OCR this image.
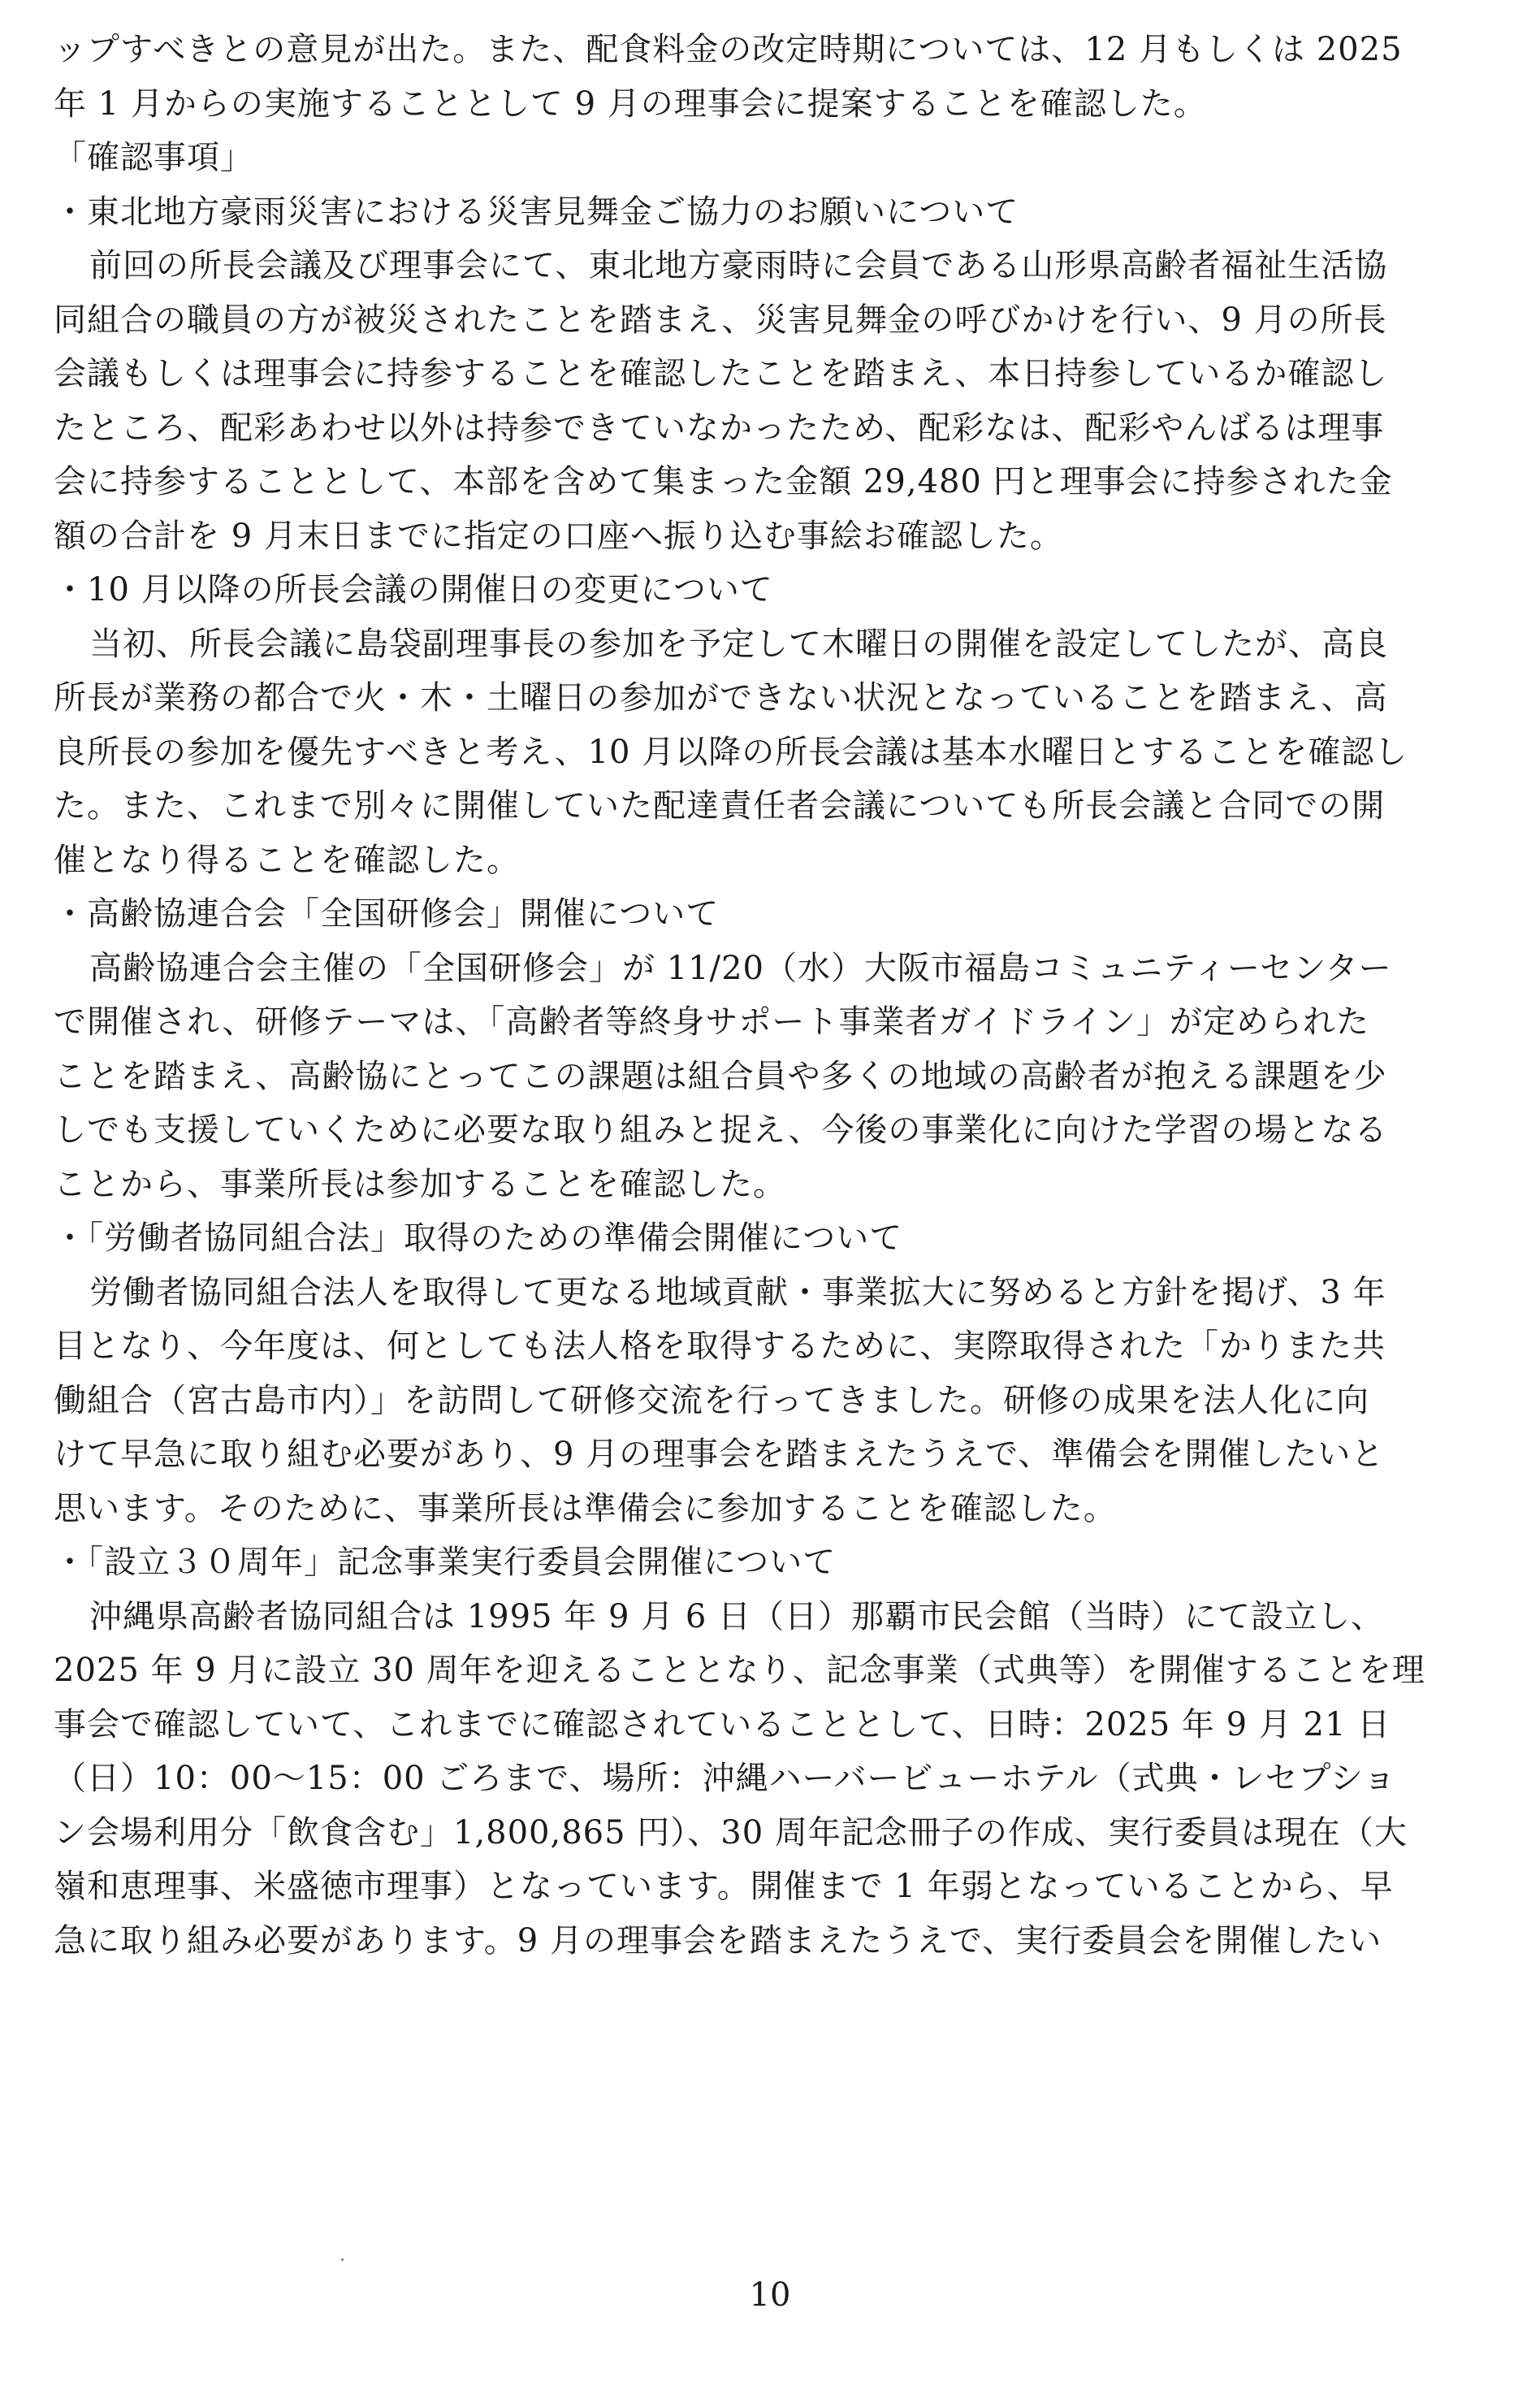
ップすべきとの意見が出た。また、配食料金の改定時期については、12 月もしくは 2025
年 1 月からの実施することとして 9 月の理事会に提案することを確認した。
「確認事項」
・東北地方豪雨災害における災害見舞金ご協力のお願いについて
前回の所長会議及び理事会にて、東北地方豪雨時に会員である山形県高齢者福祉生活協
同組合の職員の方が被災されたことを踏まえ、災害見舞金の呼びかけを行い、9 月の所長
会議もしくは理事会に持参することを確認したことを踏まえ、本日持参しているか確認し
たところ、配彩あわせ以外は持参できていなかったため、配彩なは、配彩やんばるは理事
会に持参することとして、本部を含めて集まった金額 29,480 円と理事会に持参された金
額の合計を 9 月末日までに指定の口座へ振り込む事絵お確認した。
・10 月以降の所長会議の開催日の変更について
当初、所長会議に島袋副理事長の参加を予定して木曜日の開催を設定してしたが、高良
所長が業務の都合で火・木・土曜日の参加ができない状況となっていることを踏まえ、高
良所長の参加を優先すべきと考え、10 月以降の所長会議は基本水曜日とすることを確認し
た。また、これまで別々に開催していた配達責任者会議についても所長会議と合同での開
催となり得ることを確認した。
・高齢協連合会「全国研修会」開催について
高齢協連合会主催の「全国研修会」が 11/20（水）大阪市福島コミュニティーセンター
で開催され、研修テーマは、「高齢者等終身サポート事業者ガイドライン」が定められた
ことを踏まえ、高齢協にとってこの課題は組合員や多くの地域の高齢者が抱える課題を少
しでも支援していくために必要な取り組みと捉え、今後の事業化に向けた学習の場となる
ことから、事業所長は参加することを確認した。
・「労働者協同組合法」取得のための準備会開催について
労働者協同組合法人を取得して更なる地域貢献・事業拡大に努めると方針を掲げ、3 年
目となり、今年度は、何としても法人格を取得するために、実際取得された「かりまた共
働組合（宮古島市内）」を訪問して研修交流を行ってきました。研修の成果を法人化に向
けて早急に取り組む必要があり、9 月の理事会を踏まえたうえで、準備会を開催したいと
思います。そのために、事業所長は準備会に参加することを確認した。
・「設立３０周年」記念事業実行委員会開催について
沖縄県高齢者協同組合は 1995 年 9 月 6 日（日）那覇市民会館（当時）にて設立し、
2025 年 9 月に設立 30 周年を迎えることとなり、記念事業（式典等）を開催することを理
事会で確認していて、これまでに確認されていることとして、日時：2025 年 9 月 21 日
（日）10：00〜15：00 ごろまで、場所：沖縄ハーバービューホテル（式典・レセプショ
ン会場利用分「飲食含む」1,800,865 円）、30 周年記念冊子の作成、実行委員は現在（大
嶺和恵理事、米盛徳市理事）となっています。開催まで 1 年弱となっていることから、早
急に取り組み必要があります。9 月の理事会を踏まえたうえで、実行委員会を開催したい
10
